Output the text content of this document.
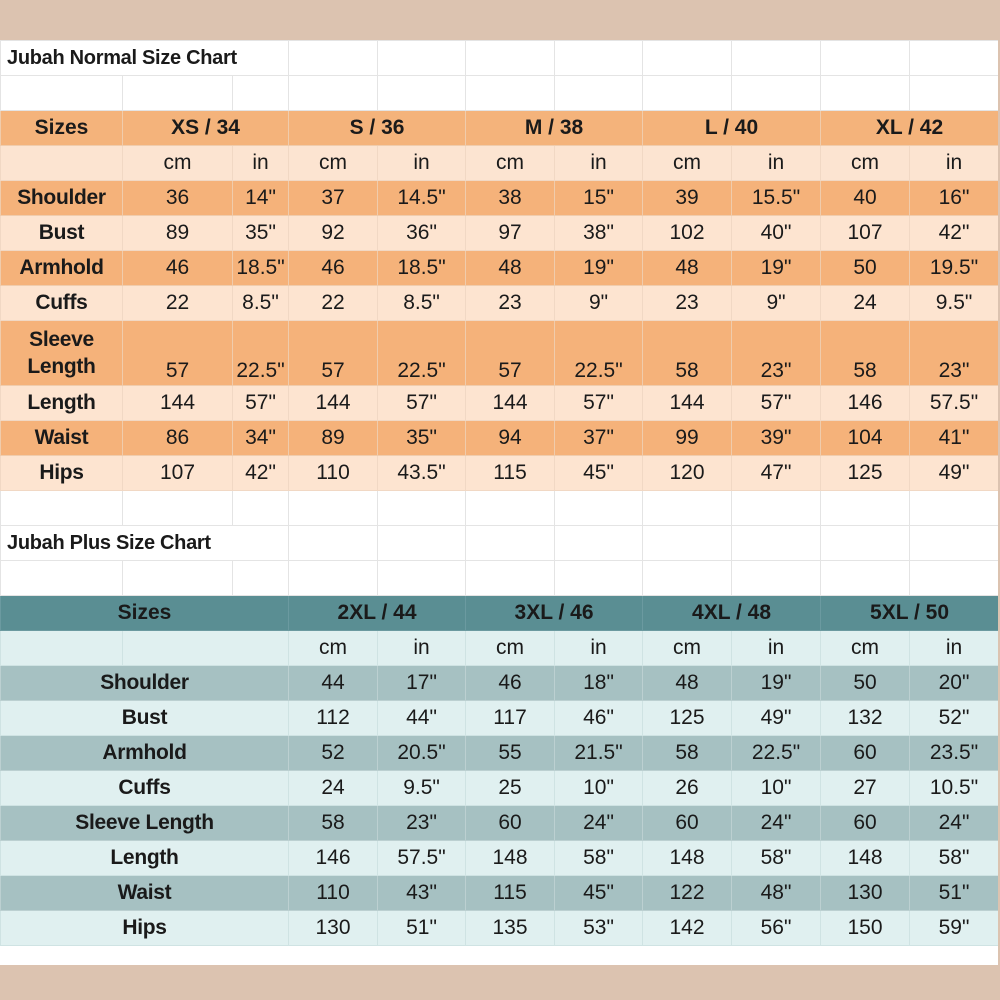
Jubah Normal Size Chart										

Sizes	XS / 34		S / 36		M / 38		L / 40		XL / 42	
	cm	in	cm	in	cm	in	cm	in	cm	in
Shoulder	36	14"	37	14.5"	38	15"	39	15.5"	40	16"
Bust	89	35"	92	36"	97	38"	102	40"	107	42"
Armhold	46	18.5"	46	18.5"	48	19"	48	19"	50	19.5"
Cuffs	22	8.5"	22	8.5"	23	9"	23	9"	24	9.5"
Sleeve Length	57	22.5"	57	22.5"	57	22.5"	58	23"	58	23"
Length	144	57"	144	57"	144	57"	144	57"	146	57.5"
Waist	86	34"	89	35"	94	37"	99	39"	104	41"
Hips	107	42"	110	43.5"	115	45"	120	47"	125	49"

Jubah Plus Size Chart										

Sizes			2XL / 44		3XL / 46		4XL / 48		5XL / 50	
			cm	in	cm	in	cm	in	cm	in
Shoulder			44	17"	46	18"	48	19"	50	20"
Bust			112	44"	117	46"	125	49"	132	52"
Armhold			52	20.5"	55	21.5"	58	22.5"	60	23.5"
Cuffs			24	9.5"	25	10"	26	10"	27	10.5"
Sleeve Length			58	23"	60	24"	60	24"	60	24"
Length			146	57.5"	148	58"	148	58"	148	58"
Waist			110	43"	115	45"	122	48"	130	51"
Hips			130	51"	135	53"	142	56"	150	59"
